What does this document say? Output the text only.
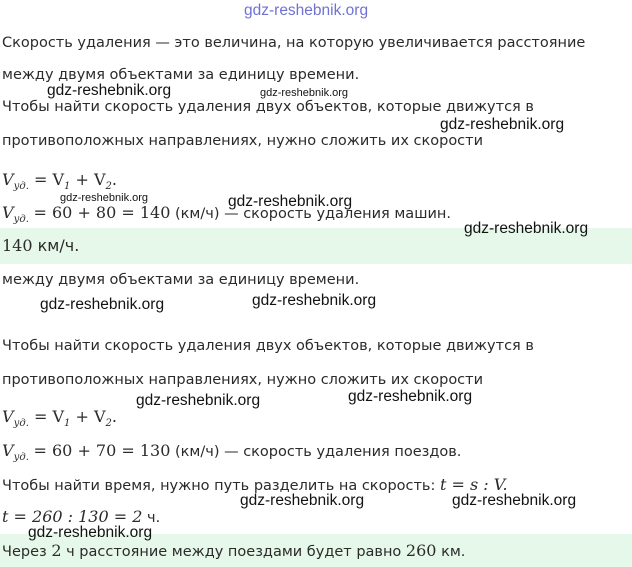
gdz-reshebnik.org
gdz-reshebnik.org	gdz-reshebnik.org
gdz-reshebnik.org
gdz-reshebnik.org	gdz-reshebnik.org
gdz-reshebnik.org
gdz-reshebnik.org	gdz-reshebnik.org
gdz-reshebnik.org	gdz-reshebnik.org
gdz-reshebnik.org	gdz-reshebnik.org
gdz-reshebnik.org
Скорость удаления — это величина, на которую увеличивается расстояние
между двумя объектами за единицу времени.
Чтобы найти скорость удаления двух объектов, которые движутся в
противоположных направлениях, нужно сложить их скорости
$V_{уд.} = V_1 + V_2$.
$V_{уд.} = 60 + 80 = 140$ (км/ч) — скорость удаления машин.
140 км/ч.
между двумя объектами за единицу времени.
Чтобы найти скорость удаления двух объектов, которые движутся в
противоположных направлениях, нужно сложить их скорости
$V_{уд.} = V_1 + V_2$.
$V_{уд.} = 60 + 70 = 130$ (км/ч) — скорость удаления поездов.
Чтобы найти время, нужно путь разделить на скорость: t = s : V.
t = 260 : 130 = 2 ч.
Через 2 ч расстояние между поездами будет равно 260 км.
